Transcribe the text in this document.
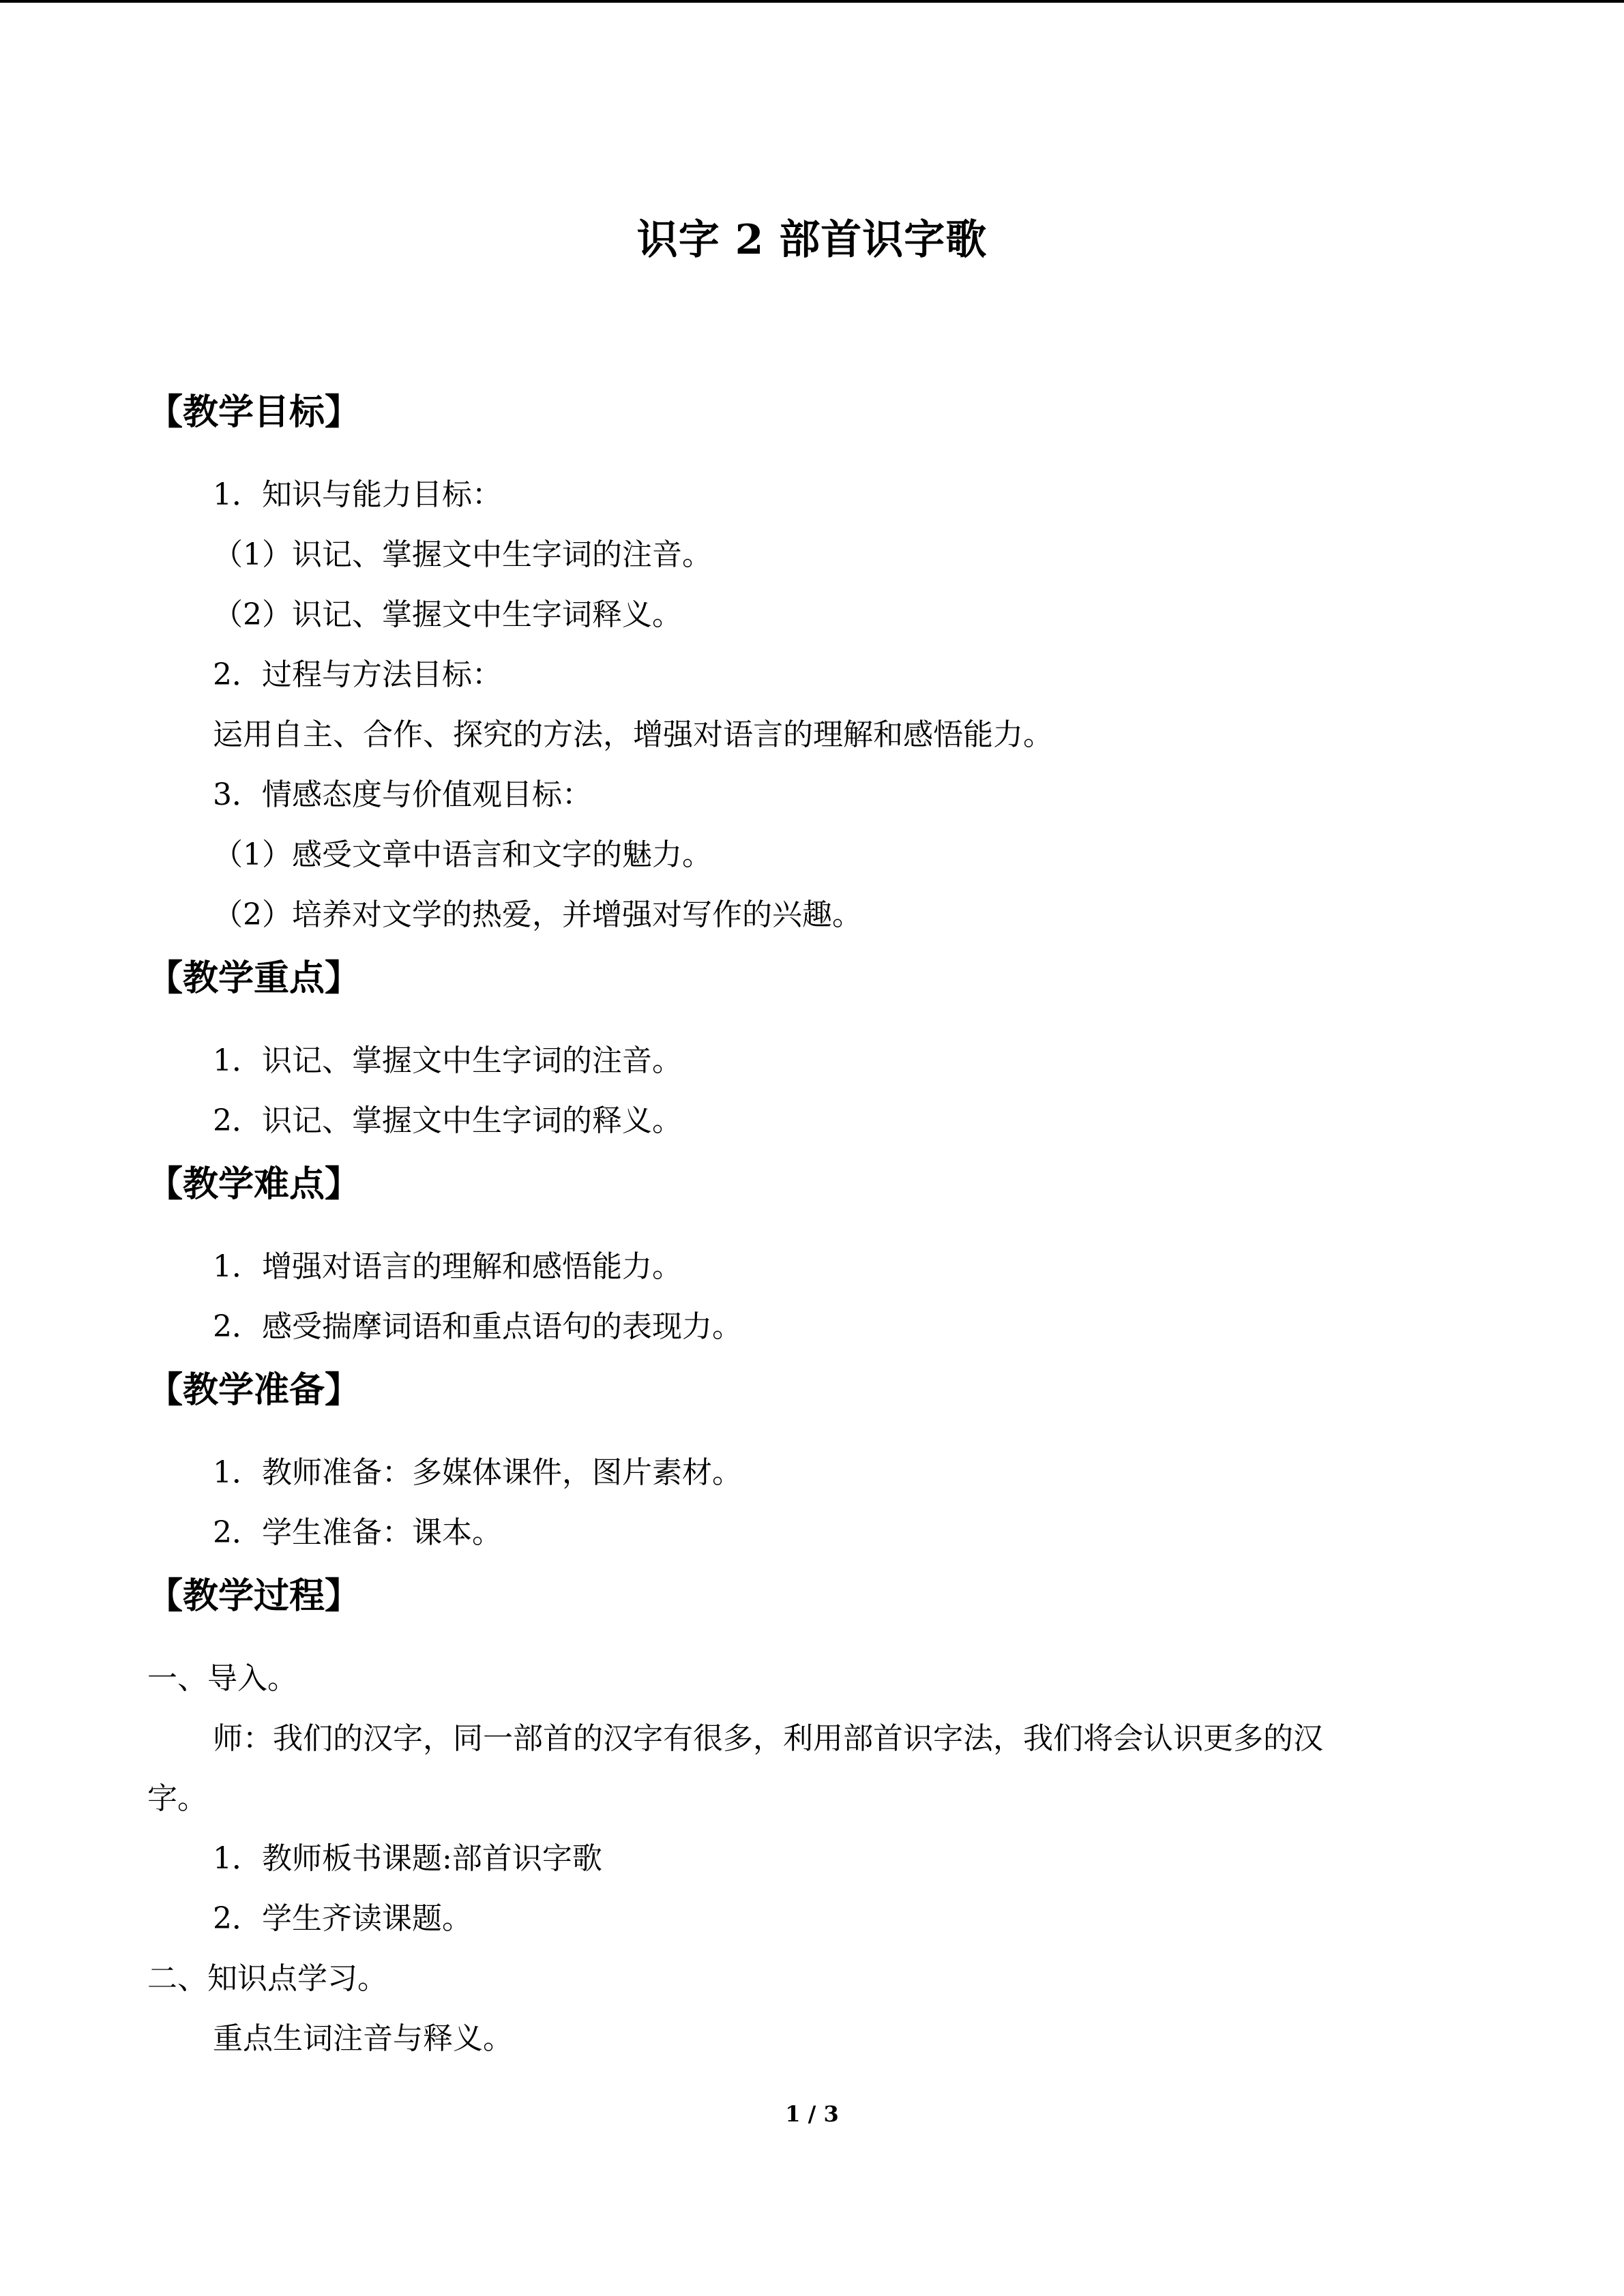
识字 2 部首识字歌
【教学目标】
1．知识与能力目标：
（1）识记、掌握文中生字词的注音。
（2）识记、掌握文中生字词释义。
2．过程与方法目标：
运用自主、合作、探究的方法，增强对语言的理解和感悟能力。
3．情感态度与价值观目标：
（1）感受文章中语言和文字的魅力。
（2）培养对文学的热爱，并增强对写作的兴趣。
【教学重点】
1．识记、掌握文中生字词的注音。
2．识记、掌握文中生字词的释义。
【教学难点】
1．增强对语言的理解和感悟能力。
2．感受揣摩词语和重点语句的表现力。
【教学准备】
1．教师准备：多媒体课件，图片素材。
2．学生准备：课本。
【教学过程】
一、导入。
师：我们的汉字，同一部首的汉字有很多，利用部首识字法，我们将会认识更多的汉
字。
1．教师板书课题:部首识字歌
2．学生齐读课题。
二、知识点学习。
重点生词注音与释义。
1 / 3
